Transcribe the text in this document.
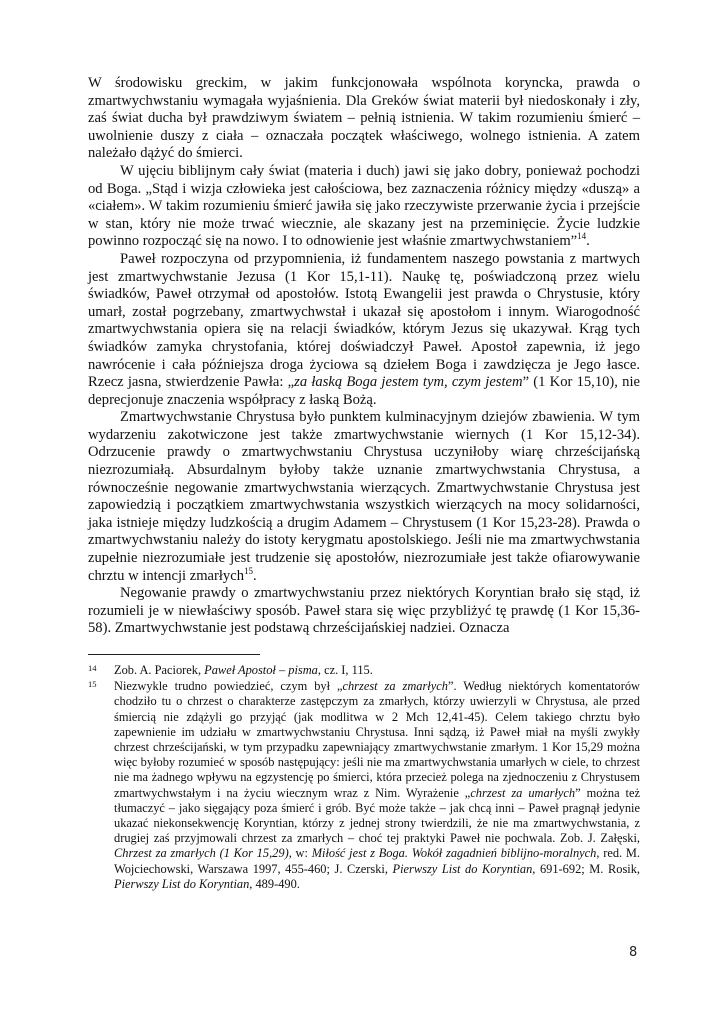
W środowisku greckim, w jakim funkcjonowała wspólnota koryncka, prawda o zmartwychwstaniu wymagała wyjaśnienia. Dla Greków świat materii był niedoskonały i zły, zaś świat ducha był prawdziwym światem – pełnią istnienia. W takim rozumieniu śmierć – uwolnienie duszy z ciała – oznaczała początek właściwego, wolnego istnienia. A zatem należało dążyć do śmierci.

W ujęciu biblijnym cały świat (materia i duch) jawi się jako dobry, ponieważ pochodzi od Boga. „Stąd i wizja człowieka jest całościowa, bez zaznaczenia różnicy między «duszą» a «ciałem». W takim rozumieniu śmierć jawiła się jako rzeczywiste przerwanie życia i przejście w stan, który nie może trwać wiecznie, ale skazany jest na przeminięcie. Życie ludzkie powinno rozpocząć się na nowo. I to odnowienie jest właśnie zmartwychwstaniem”$^{14}$.

Paweł rozpoczyna od przypomnienia, iż fundamentem naszego powstania z martwych jest zmartwychwstanie Jezusa (1 Kor 15,1-11). Naukę tę, poświadczoną przez wielu świadków, Paweł otrzymał od apostołów. Istotą Ewangelii jest prawda o Chrystusie, który umarł, został pogrzebany, zmartwychwstał i ukazał się apostołom i innym. Wiarogodność zmartwychwstania opiera się na relacji świadków, którym Jezus się ukazywał. Krąg tych świadków zamyka chrystofania, której doświadczył Paweł. Apostoł zapewnia, iż jego nawrócenie i cała późniejsza droga życiowa są dziełem Boga i zawdzięcza je Jego łasce. Rzecz jasna, stwierdzenie Pawła: „za łaską Boga jestem tym, czym jestem” (1 Kor 15,10), nie deprecjonuje znaczenia współpracy z łaską Bożą.

Zmartwychwstanie Chrystusa było punktem kulminacyjnym dziejów zbawienia. W tym wydarzeniu zakotwiczone jest także zmartwychwstanie wiernych (1 Kor 15,12-34). Odrzucenie prawdy o zmartwychwstaniu Chrystusa uczyniłoby wiarę chrześcijańską niezrozumiałą. Absurdalnym byłoby także uznanie zmartwychwstania Chrystusa, a równocześnie negowanie zmartwychwstania wierzących. Zmartwychwstanie Chrystusa jest zapowiedzią i początkiem zmartwychwstania wszystkich wierzących na mocy solidarności, jaka istnieje między ludzkością a drugim Adamem – Chrystusem (1 Kor 15,23-28). Prawda o zmartwychwstaniu należy do istoty kerygmatu apostolskiego. Jeśli nie ma zmartwychwstania zupełnie niezrozumiałe jest trudzenie się apostołów, niezrozumiałe jest także ofiarowywanie chrztu w intencji zmarłych$^{15}$.

Negowanie prawdy o zmartwychwstaniu przez niektórych Koryntian brało się stąd, iż rozumieli je w niewłaściwy sposób. Paweł stara się więc przybliżyć tę prawdę (1 Kor 15,36-58). Zmartwychwstanie jest podstawą chrześcijańskiej nadziei. Oznacza

14 Zob. A. Paciorek, Paweł Apostoł – pisma, cz. I, 115.
15 Niezwykle trudno powiedzieć, czym był „chrzest za zmarłych”. Według niektórych komentatorów chodziło tu o chrzest o charakterze zastępczym za zmarłych, którzy uwierzyli w Chrystusa, ale przed śmiercią nie zdążyli go przyjąć (jak modlitwa w 2 Mch 12,41-45). Celem takiego chrztu było zapewnienie im udziału w zmartwychwstaniu Chrystusa. Inni sądzą, iż Paweł miał na myśli zwykły chrzest chrześcijański, w tym przypadku zapewniający zmartwychwstanie zmarłym. 1 Kor 15,29 można więc byłoby rozumieć w sposób następujący: jeśli nie ma zmartwychwstania umarłych w ciele, to chrzest nie ma żadnego wpływu na egzystencję po śmierci, która przecież polega na zjednoczeniu z Chrystusem zmartwychwstałym i na życiu wiecznym wraz z Nim. Wyrażenie „chrzest za umarłych” można też tłumaczyć – jako sięgający poza śmierć i grób. Być może także – jak chcą inni – Paweł pragnął jedynie ukazać niekonsekwencję Koryntian, którzy z jednej strony twierdzili, że nie ma zmartwychwstania, z drugiej zaś przyjmowali chrzest za zmarłych – choć tej praktyki Paweł nie pochwala. Zob. J. Załęski, Chrzest za zmarłych (1 Kor 15,29), w: Miłość jest z Boga. Wokół zagadnień biblijno-moralnych, red. M. Wojciechowski, Warszawa 1997, 455-460; J. Czerski, Pierwszy List do Koryntian, 691-692; M. Rosik, Pierwszy List do Koryntian, 489-490.
8
